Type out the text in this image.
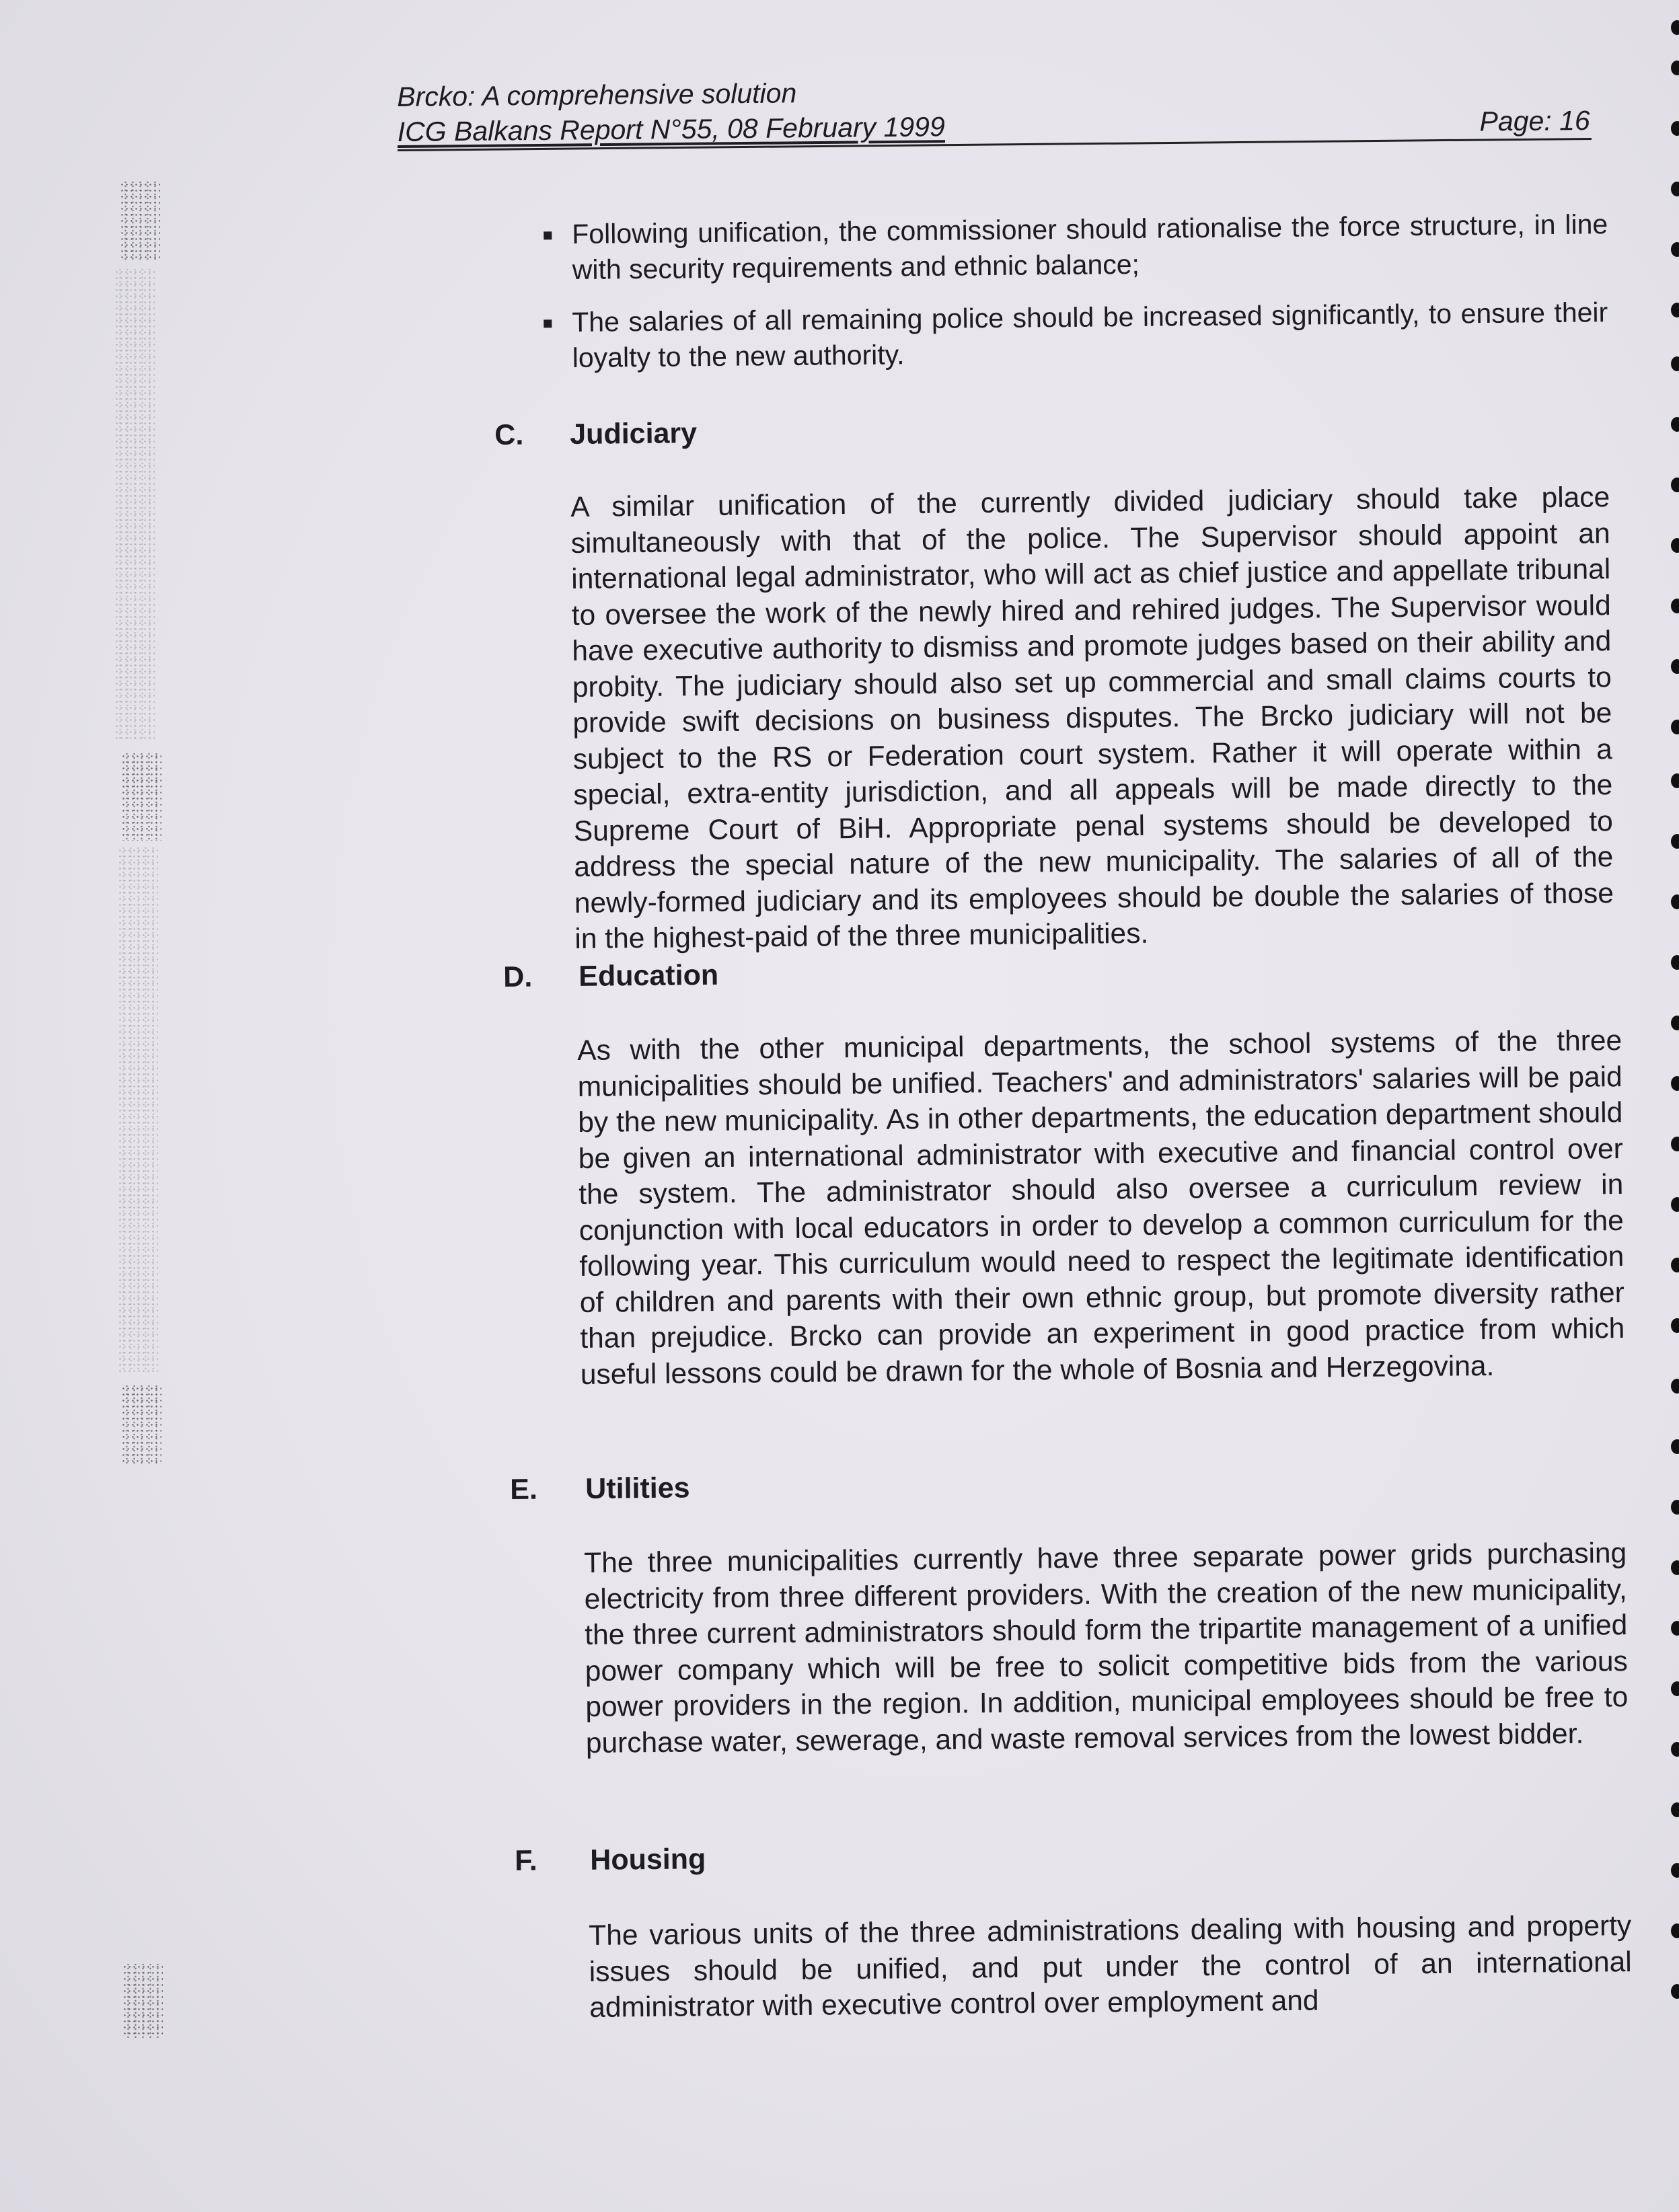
Brcko: A comprehensive solution
ICG Balkans Report N°55, 08 February 1999	Page: 16
Following unification, the commissioner should rationalise the force structure, in line with security requirements and ethnic balance;
The salaries of all remaining police should be increased significantly, to ensure their loyalty to the new authority.
C. Judiciary
A similar unification of the currently divided judiciary should take place simultaneously with that of the police. The Supervisor should appoint an international legal administrator, who will act as chief justice and appellate tribunal to oversee the work of the newly hired and rehired judges. The Supervisor would have executive authority to dismiss and promote judges based on their ability and probity. The judiciary should also set up commercial and small claims courts to provide swift decisions on business disputes. The Brcko judiciary will not be subject to the RS or Federation court system. Rather it will operate within a special, extra-entity jurisdiction, and all appeals will be made directly to the Supreme Court of BiH. Appropriate penal systems should be developed to address the special nature of the new municipality. The salaries of all of the newly-formed judiciary and its employees should be double the salaries of those in the highest-paid of the three municipalities.
D. Education
As with the other municipal departments, the school systems of the three municipalities should be unified. Teachers' and administrators' salaries will be paid by the new municipality. As in other departments, the education department should be given an international administrator with executive and financial control over the system. The administrator should also oversee a curriculum review in conjunction with local educators in order to develop a common curriculum for the following year. This curriculum would need to respect the legitimate identification of children and parents with their own ethnic group, but promote diversity rather than prejudice. Brcko can provide an experiment in good practice from which useful lessons could be drawn for the whole of Bosnia and Herzegovina.
E. Utilities
The three municipalities currently have three separate power grids purchasing electricity from three different providers. With the creation of the new municipality, the three current administrators should form the tripartite management of a unified power company which will be free to solicit competitive bids from the various power providers in the region. In addition, municipal employees should be free to purchase water, sewerage, and waste removal services from the lowest bidder.
F. Housing
The various units of the three administrations dealing with housing and property issues should be unified, and put under the control of an international administrator with executive control over employment and
